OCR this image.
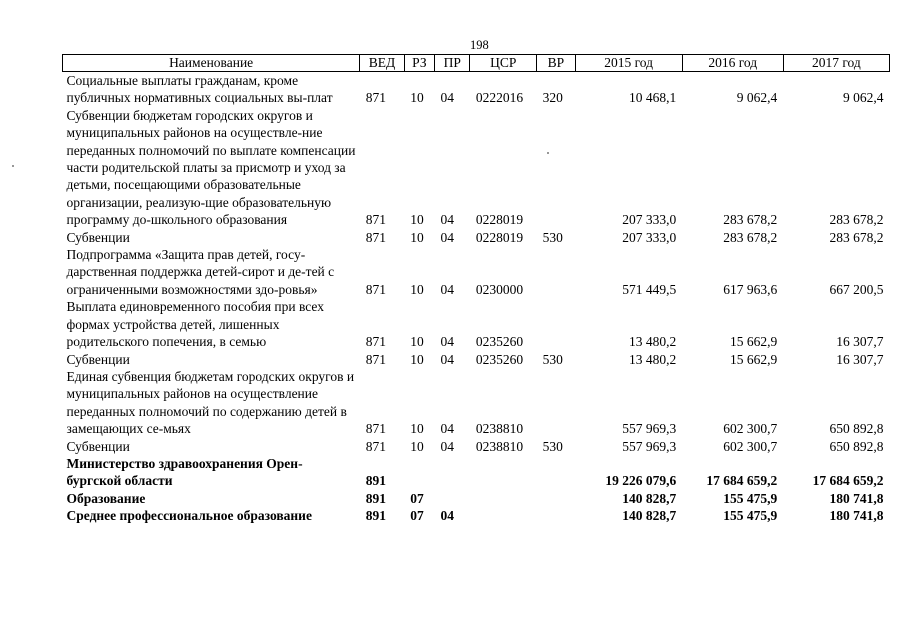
198
Наименование	ВЕД	РЗ	ПР	ЦСР	ВР	2015 год	2016 год	2017 год
Социальные выплаты гражданам, кроме публичных нормативных социальных вы-плат	871	10	04	0222016	320	10 468,1	9 062,4	9 062,4
Субвенции бюджетам городских округов и муниципальных районов на осуществле-ние переданных полномочий по выплате компенсации части родительской платы за присмотр и уход за детьми, посещающими образовательные организации, реализую-щие образовательную программу до-школьного образования	871	10	04	0228019		207 333,0	283 678,2	283 678,2
Субвенции	871	10	04	0228019	530	207 333,0	283 678,2	283 678,2
Подпрограмма «Защита прав детей, госу-дарственная поддержка детей-сирот и де-тей с ограниченными возможностями здо-ровья»	871	10	04	0230000		571 449,5	617 963,6	667 200,5
Выплата единовременного пособия при всех формах устройства детей, лишенных родительского попечения, в семью	871	10	04	0235260		13 480,2	15 662,9	16 307,7
Субвенции	871	10	04	0235260	530	13 480,2	15 662,9	16 307,7
Единая субвенция бюджетам городских округов и муниципальных районов на осуществление переданных полномочий по содержанию детей в замещающих се-мьях	871	10	04	0238810		557 969,3	602 300,7	650 892,8
Субвенции	871	10	04	0238810	530	557 969,3	602 300,7	650 892,8
Министерство здравоохранения Орен-бургской области	891					19 226 079,6	17 684 659,2	17 684 659,2
Образование	891	07				140 828,7	155 475,9	180 741,8
Среднее профессиональное образование	891	07	04			140 828,7	155 475,9	180 741,8
